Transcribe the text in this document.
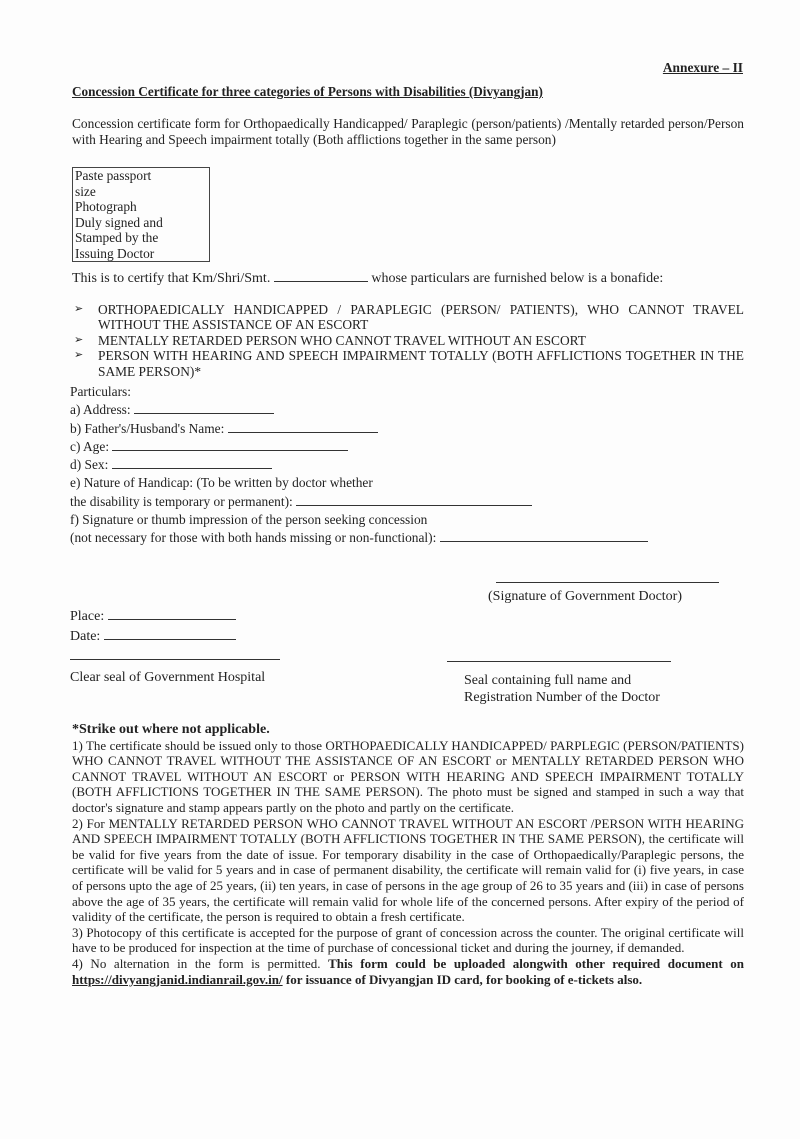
Annexure – II
Concession Certificate for three categories of Persons with Disabilities (Divyangjan)
Concession certificate form for Orthopaedically Handicapped/ Paraplegic (person/patients) /Mentally retarded person/Person with Hearing and Speech impairment totally (Both afflictions together in the same person)
Paste passport
size
Photograph
Duly signed and
Stamped by the
Issuing Doctor
This is to certify that Km/Shri/Smt.	whose particulars are furnished below is a bonafide:
➢ ORTHOPAEDICALLY HANDICAPPED / PARAPLEGIC (PERSON/ PATIENTS), WHO CANNOT TRAVEL WITHOUT THE ASSISTANCE OF AN ESCORT
➢ MENTALLY RETARDED PERSON WHO CANNOT TRAVEL WITHOUT AN ESCORT
➢ PERSON WITH HEARING AND SPEECH IMPAIRMENT TOTALLY (BOTH AFFLICTIONS TOGETHER IN THE SAME PERSON)*
Particulars:
a) Address:
b) Father's/Husband's Name:
c) Age:
d) Sex:
e) Nature of Handicap: (To be written by doctor whether
the disability is temporary or permanent):
f) Signature or thumb impression of the person seeking concession
(not necessary for those with both hands missing or non-functional):
(Signature of Government Doctor)
Place:
Date:
Clear seal of Government Hospital	Seal containing full name and
Registration Number of the Doctor
*Strike out where not applicable.
1) The certificate should be issued only to those ORTHOPAEDICALLY HANDICAPPED/ PARPLEGIC (PERSON/PATIENTS) WHO CANNOT TRAVEL WITHOUT THE ASSISTANCE OF AN ESCORT or MENTALLY RETARDED PERSON WHO CANNOT TRAVEL WITHOUT AN ESCORT or PERSON WITH HEARING AND SPEECH IMPAIRMENT TOTALLY (BOTH AFFLICTIONS TOGETHER IN THE SAME PERSON). The photo must be signed and stamped in such a way that doctor's signature and stamp appears partly on the photo and partly on the certificate.
2) For MENTALLY RETARDED PERSON WHO CANNOT TRAVEL WITHOUT AN ESCORT /PERSON WITH HEARING AND SPEECH IMPAIRMENT TOTALLY (BOTH AFFLICTIONS TOGETHER IN THE SAME PERSON), the certificate will be valid for five years from the date of issue. For temporary disability in the case of Orthopaedically/Paraplegic persons, the certificate will be valid for 5 years and in case of permanent disability, the certificate will remain valid for (i) five years, in case of persons upto the age of 25 years, (ii) ten years, in case of persons in the age group of 26 to 35 years and (iii) in case of persons above the age of 35 years, the certificate will remain valid for whole life of the concerned persons. After expiry of the period of validity of the certificate, the person is required to obtain a fresh certificate.
3) Photocopy of this certificate is accepted for the purpose of grant of concession across the counter. The original certificate will have to be produced for inspection at the time of purchase of concessional ticket and during the journey, if demanded.
4) No alternation in the form is permitted. This form could be uploaded alongwith other required document on https://divyangjanid.indianrail.gov.in/ for issuance of Divyangjan ID card, for booking of e-tickets also.
